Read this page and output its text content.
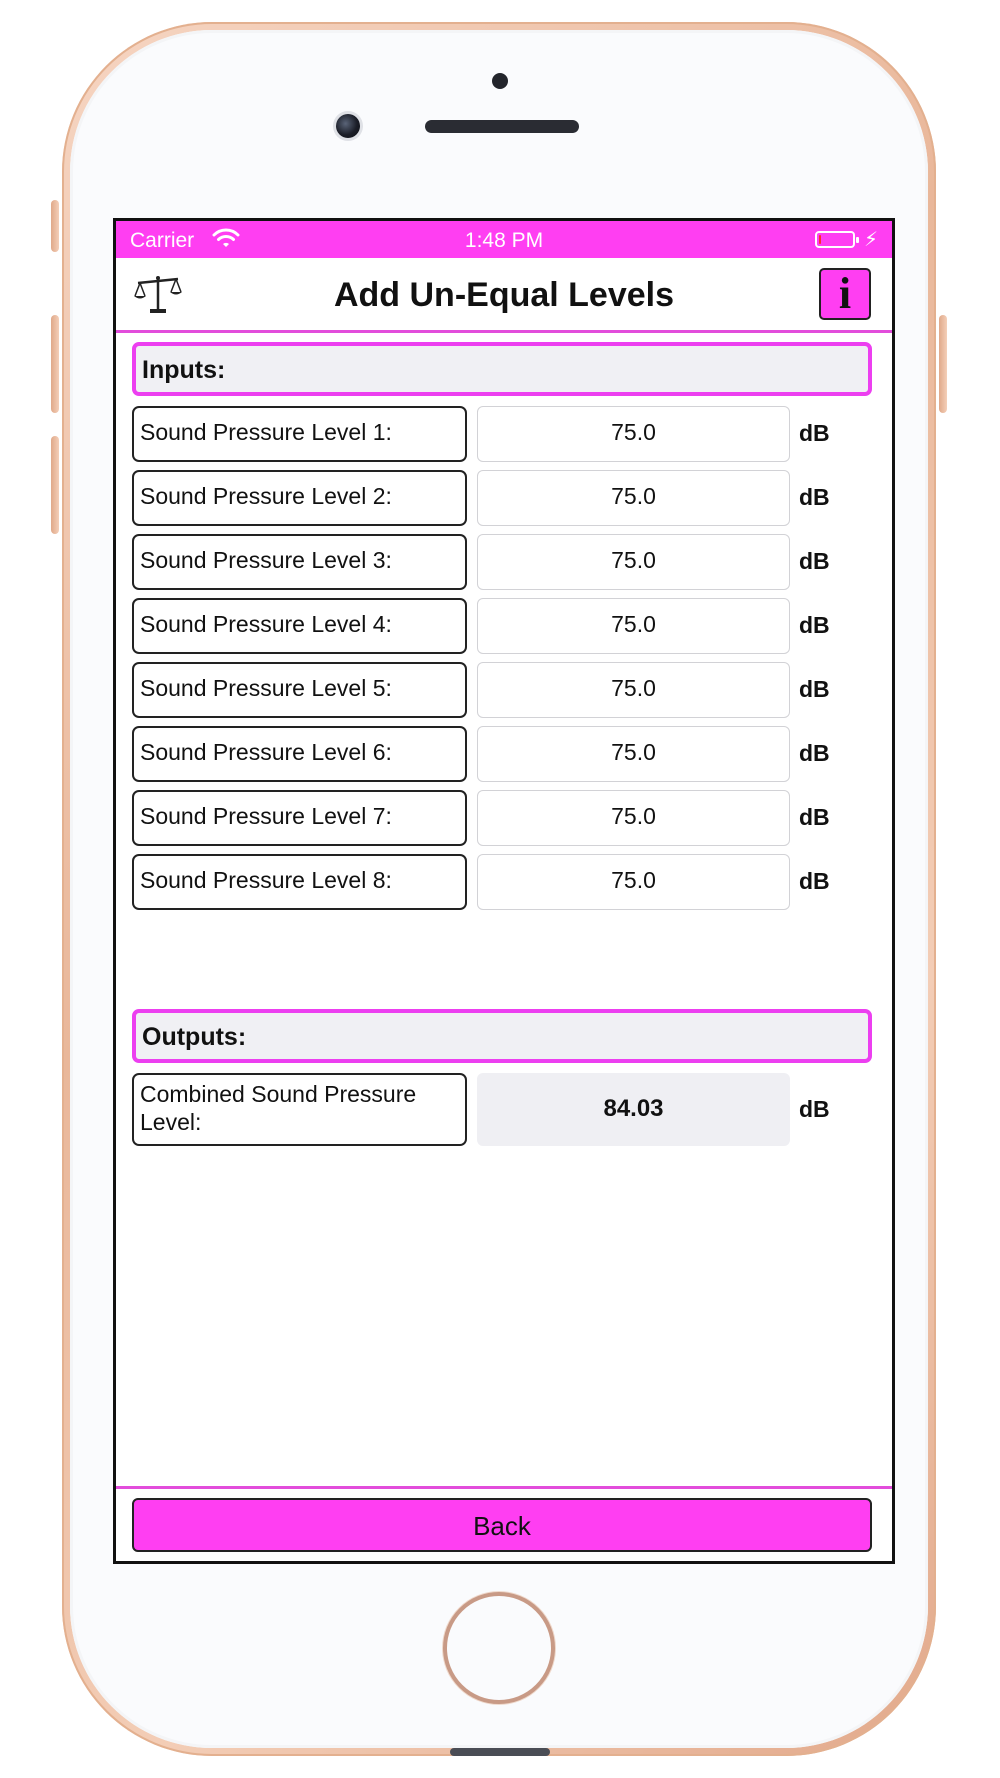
Carrier	1:48 PM	⚡
Add Un-Equal Levels	i
Inputs:
Sound Pressure Level 1:	75.0	dB
Sound Pressure Level 2:	75.0	dB
Sound Pressure Level 3:	75.0	dB
Sound Pressure Level 4:	75.0	dB
Sound Pressure Level 5:	75.0	dB
Sound Pressure Level 6:	75.0	dB
Sound Pressure Level 7:	75.0	dB
Sound Pressure Level 8:	75.0	dB
Outputs:
Combined Sound Pressure Level:	84.03	dB
Back
